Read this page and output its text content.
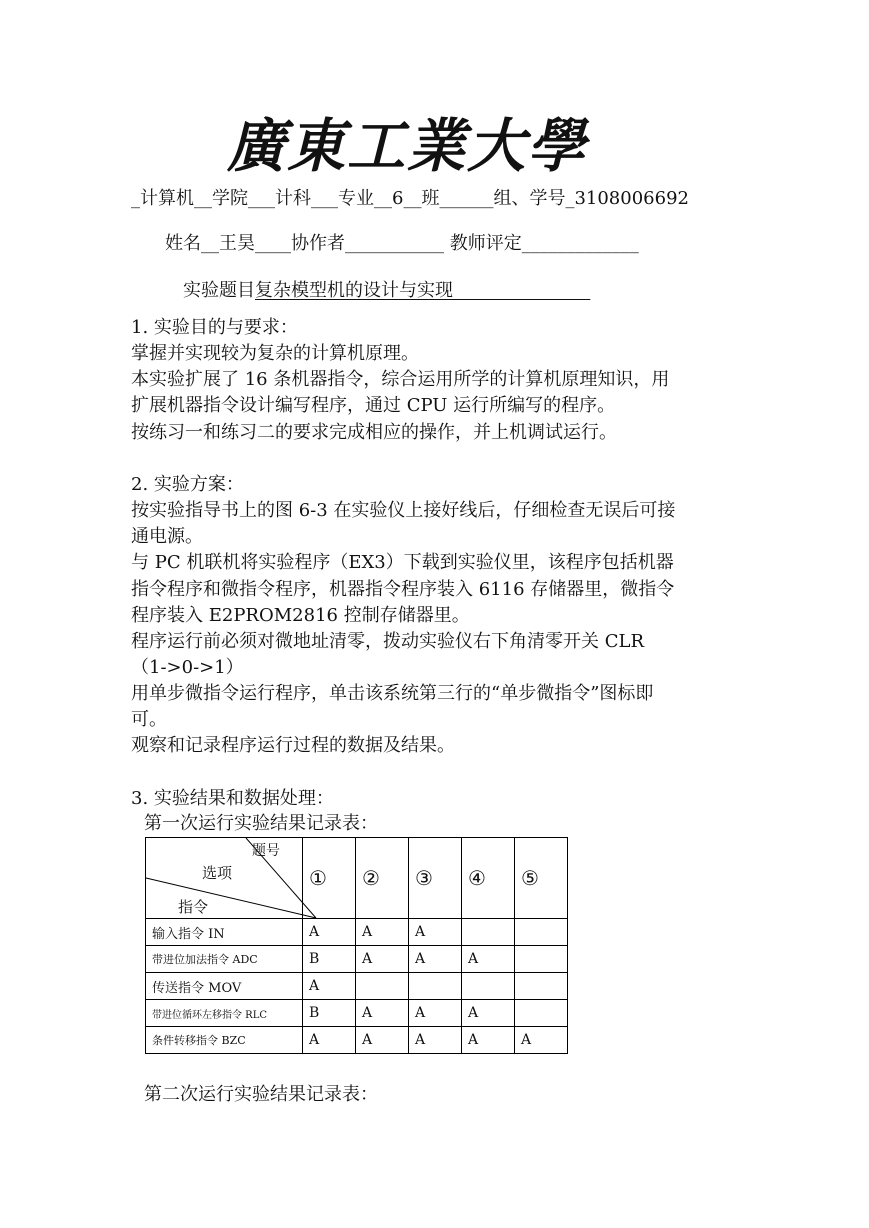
廣東工業大學
_计算机__学院___计科___专业__6__班______组、学号_3108006692
姓名__王昊____协作者___________ 教师评定_____________
实验题目复杂模型机的设计与实现
1. 实验目的与要求：
掌握并实现较为复杂的计算机原理。
本实验扩展了 16 条机器指令，综合运用所学的计算机原理知识，用
扩展机器指令设计编写程序，通过 CPU 运行所编写的程序。
按练习一和练习二的要求完成相应的操作，并上机调试运行。
2. 实验方案：
按实验指导书上的图 6-3 在实验仪上接好线后，仔细检查无误后可接
通电源。
与 PC 机联机将实验程序（EX3）下载到实验仪里，该程序包括机器
指令程序和微指令程序，机器指令程序装入 6116 存储器里，微指令
程序装入 E2PROM2816 控制存储器里。
程序运行前必须对微地址清零，拨动实验仪右下角清零开关 CLR
（1->0->1）
用单步微指令运行程序，单击该系统第三行的“单步微指令”图标即
可。
观察和记录程序运行过程的数据及结果。
3. 实验结果和数据处理：
第一次运行实验结果记录表：
题号
选项
指令	①	②	③	④	⑤
输入指令 IN	A	A	A		
带进位加法指令 ADC	B	A	A	A	
传送指令 MOV	A				
带进位循环左移指令 RLC	B	A	A	A	
条件转移指令 BZC	A	A	A	A	A
第二次运行实验结果记录表：
